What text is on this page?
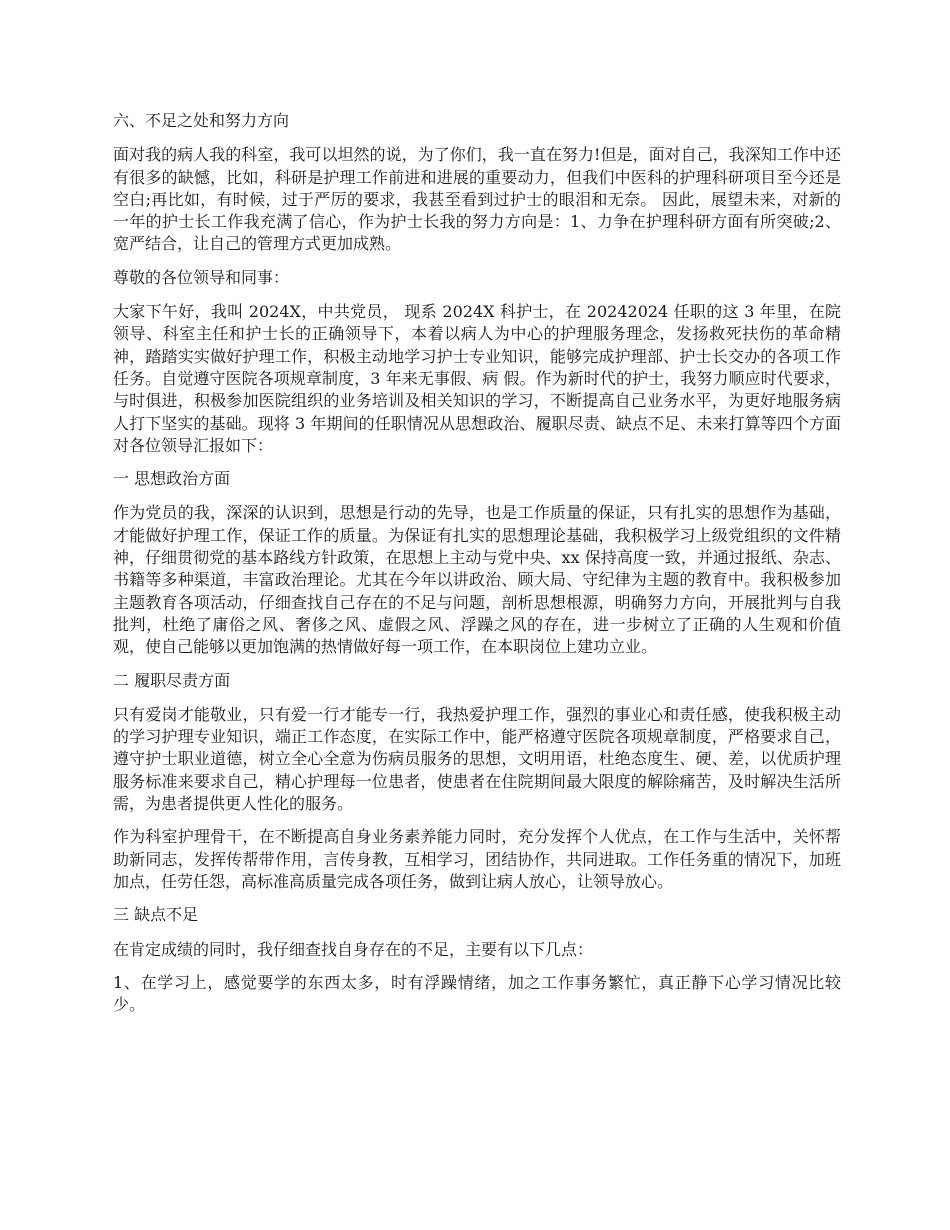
六、不足之处和努力方向

面对我的病人我的科室，我可以坦然的说，为了你们，我一直在努力!但是，面对自己，我深知工作中还有很多的缺憾，比如，科研是护理工作前进和进展的重要动力，但我们中医科的护理科研项目至今还是空白;再比如，有时候，过于严厉的要求，我甚至看到过护士的眼泪和无奈。 因此，展望未来，对新的一年的护士长工作我充满了信心，作为护士长我的努力方向是：1、力争在护理科研方面有所突破;2、宽严结合，让自己的管理方式更加成熟。

尊敬的各位领导和同事：

大家下午好，我叫 2024X，中共党员， 现系 2024X 科护士，在 20242024 任职的这 3 年里，在院领导、科室主任和护士长的正确领导下，本着以病人为中心的护理服务理念，发扬救死扶伤的革命精神，踏踏实实做好护理工作，积极主动地学习护士专业知识，能够完成护理部、护士长交办的各项工作任务。自觉遵守医院各项规章制度，3 年来无事假、病 假。作为新时代的护士，我努力顺应时代要求，与时俱进，积极参加医院组织的业务培训及相关知识的学习，不断提高自己业务水平，为更好地服务病人打下坚实的基础。现将 3 年期间的任职情况从思想政治、履职尽责、缺点不足、未来打算等四个方面对各位领导汇报如下：

一 思想政治方面

作为党员的我，深深的认识到，思想是行动的先导，也是工作质量的保证，只有扎实的思想作为基础，才能做好护理工作，保证工作的质量。为保证有扎实的思想理论基础，我积极学习上级党组织的文件精神，仔细贯彻党的基本路线方针政策，在思想上主动与党中央、xx 保持高度一致，并通过报纸、杂志、书籍等多种渠道，丰富政治理论。尤其在今年以讲政治、顾大局、守纪律为主题的教育中。我积极参加主题教育各项活动，仔细查找自己存在的不足与问题，剖析思想根源，明确努力方向，开展批判与自我批判，杜绝了庸俗之风、奢侈之风、虚假之风、浮躁之风的存在，进一步树立了正确的人生观和价值观，使自己能够以更加饱满的热情做好每一项工作，在本职岗位上建功立业。

二 履职尽责方面

只有爱岗才能敬业，只有爱一行才能专一行，我热爱护理工作，强烈的事业心和责任感，使我积极主动的学习护理专业知识，端正工作态度，在实际工作中，能严格遵守医院各项规章制度，严格要求自己，遵守护士职业道德，树立全心全意为伤病员服务的思想，文明用语，杜绝态度生、硬、差，以优质护理服务标准来要求自己，精心护理每一位患者，使患者在住院期间最大限度的解除痛苦，及时解决生活所需，为患者提供更人性化的服务。

作为科室护理骨干，在不断提高自身业务素养能力同时，充分发挥个人优点，在工作与生活中，关怀帮助新同志，发挥传帮带作用，言传身教，互相学习，团结协作，共同进取。工作任务重的情况下，加班加点，任劳任怨，高标准高质量完成各项任务，做到让病人放心，让领导放心。

三 缺点不足

在肯定成绩的同时，我仔细查找自身存在的不足，主要有以下几点：

1、在学习上，感觉要学的东西太多，时有浮躁情绪，加之工作事务繁忙，真正静下心学习情况比较少。
